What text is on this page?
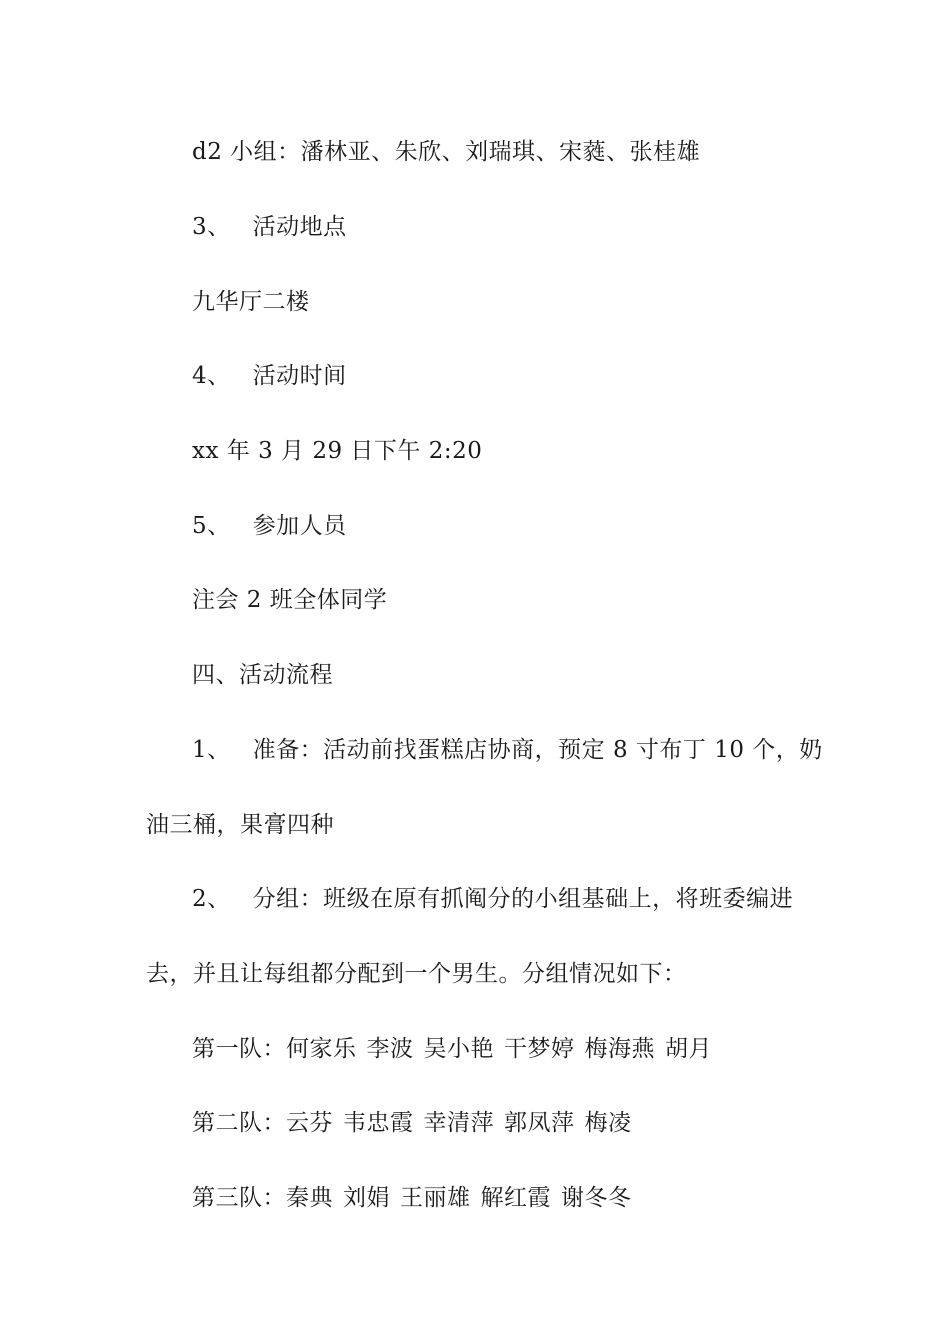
d2 小组：潘林亚、朱欣、刘瑞琪、宋蕤、张桂雄
3、 活动地点
九华厅二楼
4、 活动时间
xx 年 3 月 29 日下午 2:20
5、 参加人员
注会 2 班全体同学
四、活动流程
1、 准备：活动前找蛋糕店协商，预定 8 寸布丁 10 个，奶
油三桶，果膏四种
2、 分组：班级在原有抓阄分的小组基础上，将班委编进
去，并且让每组都分配到一个男生。分组情况如下：
第一队：何家乐 李波 吴小艳 干梦婷 梅海燕 胡月
第二队：云芬 韦忠霞 幸清萍 郭凤萍 梅凌
第三队：秦典 刘娟 王丽雄 解红霞 谢冬冬
